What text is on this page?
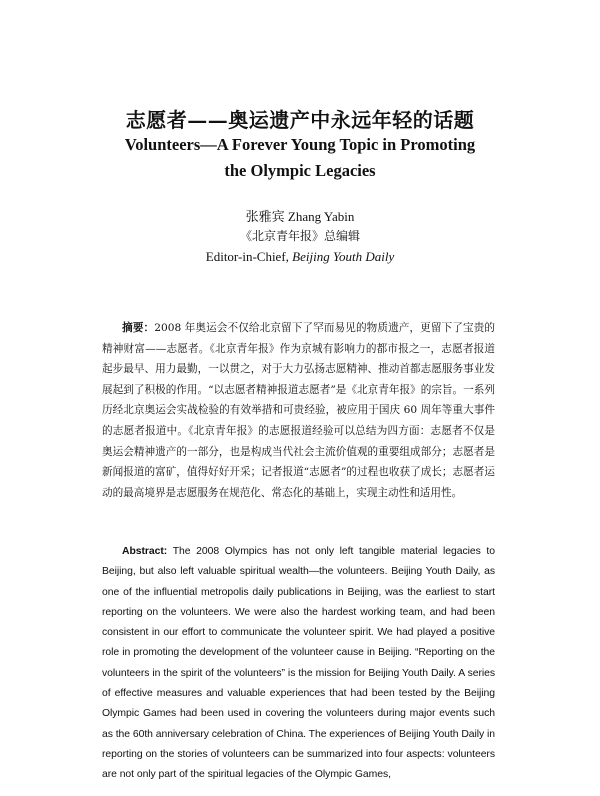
志愿者——奥运遗产中永远年轻的话题
Volunteers—A Forever Young Topic in Promoting
the Olympic Legacies
张雅宾 Zhang Yabin
《北京青年报》总编辑
Editor-in-Chief, Beijing Youth Daily
摘要：2008 年奥运会不仅给北京留下了罕而易见的物质遗产，更留下了宝贵的精神财富——志愿者。《北京青年报》作为京城有影响力的都市报之一，志愿者报道起步最早、用力最勤，一以贯之，对于大力弘扬志愿精神、推动首都志愿服务事业发展起到了积极的作用。“以志愿者精神报道志愿者”是《北京青年报》的宗旨。一系列历经北京奥运会实战检验的有效举措和可贵经验，被应用于国庆 60 周年等重大事件的志愿者报道中。《北京青年报》的志愿报道经验可以总结为四方面：志愿者不仅是奥运会精神遗产的一部分，也是构成当代社会主流价值观的重要组成部分；志愿者是新闻报道的富矿，值得好好开采；记者报道“志愿者”的过程也收获了成长；志愿者运动的最高境界是志愿服务在规范化、常态化的基础上，实现主动性和适用性。
Abstract: The 2008 Olympics has not only left tangible material legacies to Beijing, but also left valuable spiritual wealth—the volunteers. Beijing Youth Daily, as one of the influential metropolis daily publications in Beijing, was the earliest to start reporting on the volunteers. We were also the hardest working team, and had been consistent in our effort to communicate the volunteer spirit. We had played a positive role in promoting the development of the volunteer cause in Beijing. “Reporting on the volunteers in the spirit of the volunteers” is the mission for Beijing Youth Daily. A series of effective measures and valuable experiences that had been tested by the Beijing Olympic Games had been used in covering the volunteers during major events such as the 60th anniversary celebration of China. The experiences of Beijing Youth Daily in reporting on the stories of volunteers can be summarized into four aspects: volunteers are not only part of the spiritual legacies of the Olympic Games,
